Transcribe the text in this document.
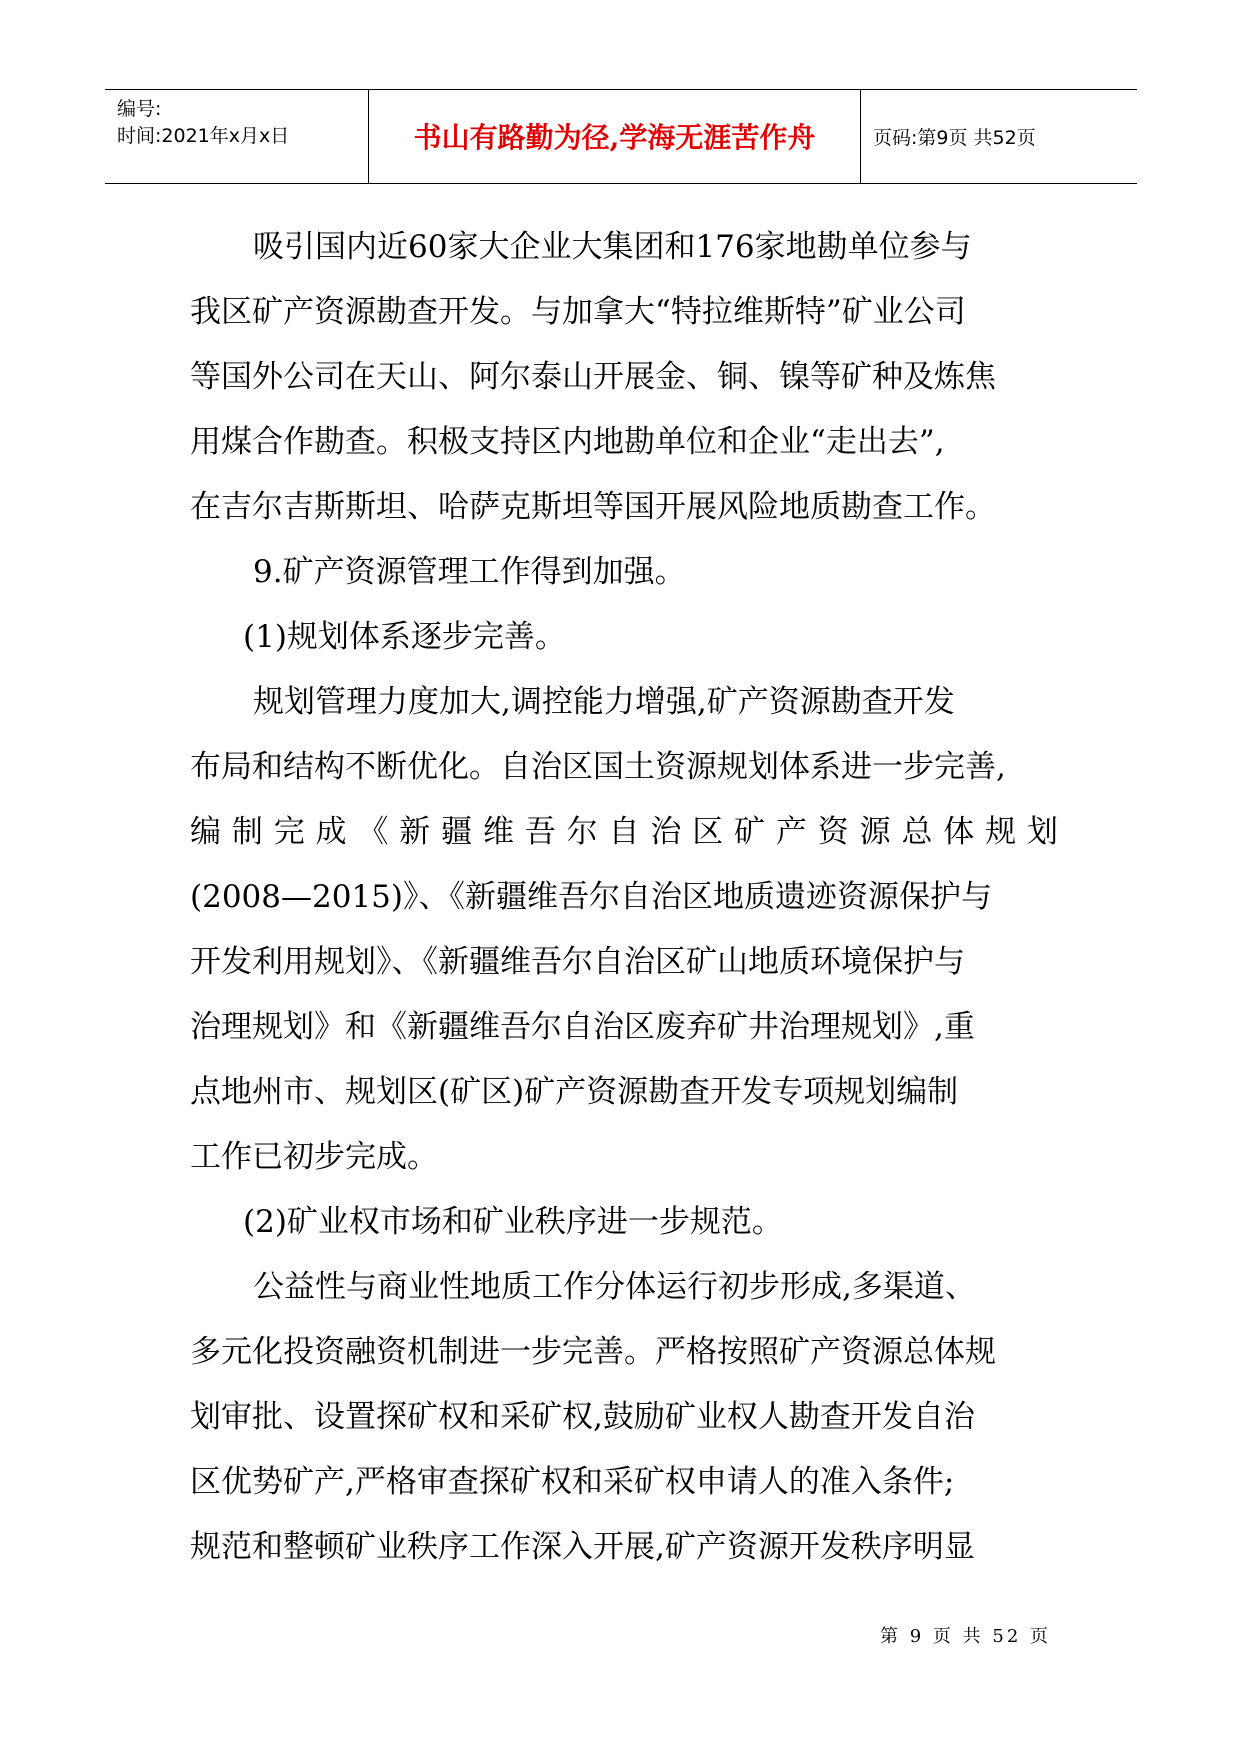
编号:
时间:2021年x月x日	书山有路勤为径,学海无涯苦作舟	页码:第9页 共52页
吸引国内近60家大企业大集团和176家地勘单位参与
我区矿产资源勘查开发。与加拿大“特拉维斯特”矿业公司
等国外公司在天山、阿尔泰山开展金、铜、镍等矿种及炼焦
用煤合作勘查。积极支持区内地勘单位和企业“走出去”,
在吉尔吉斯斯坦、哈萨克斯坦等国开展风险地质勘查工作。
9.矿产资源管理工作得到加强。
(1)规划体系逐步完善。
规划管理力度加大,调控能力增强,矿产资源勘查开发
布局和结构不断优化。自治区国土资源规划体系进一步完善,
编制完成《新疆维吾尔自治区矿产资源总体规划
(2008—2015)》、《新疆维吾尔自治区地质遗迹资源保护与
开发利用规划》、《新疆维吾尔自治区矿山地质环境保护与
治理规划》和《新疆维吾尔自治区废弃矿井治理规划》,重
点地州市、规划区(矿区)矿产资源勘查开发专项规划编制
工作已初步完成。
(2)矿业权市场和矿业秩序进一步规范。
公益性与商业性地质工作分体运行初步形成,多渠道、
多元化投资融资机制进一步完善。严格按照矿产资源总体规
划审批、设置探矿权和采矿权,鼓励矿业权人勘查开发自治
区优势矿产,严格审查探矿权和采矿权申请人的准入条件;
规范和整顿矿业秩序工作深入开展,矿产资源开发秩序明显
第 9 页 共 52 页
